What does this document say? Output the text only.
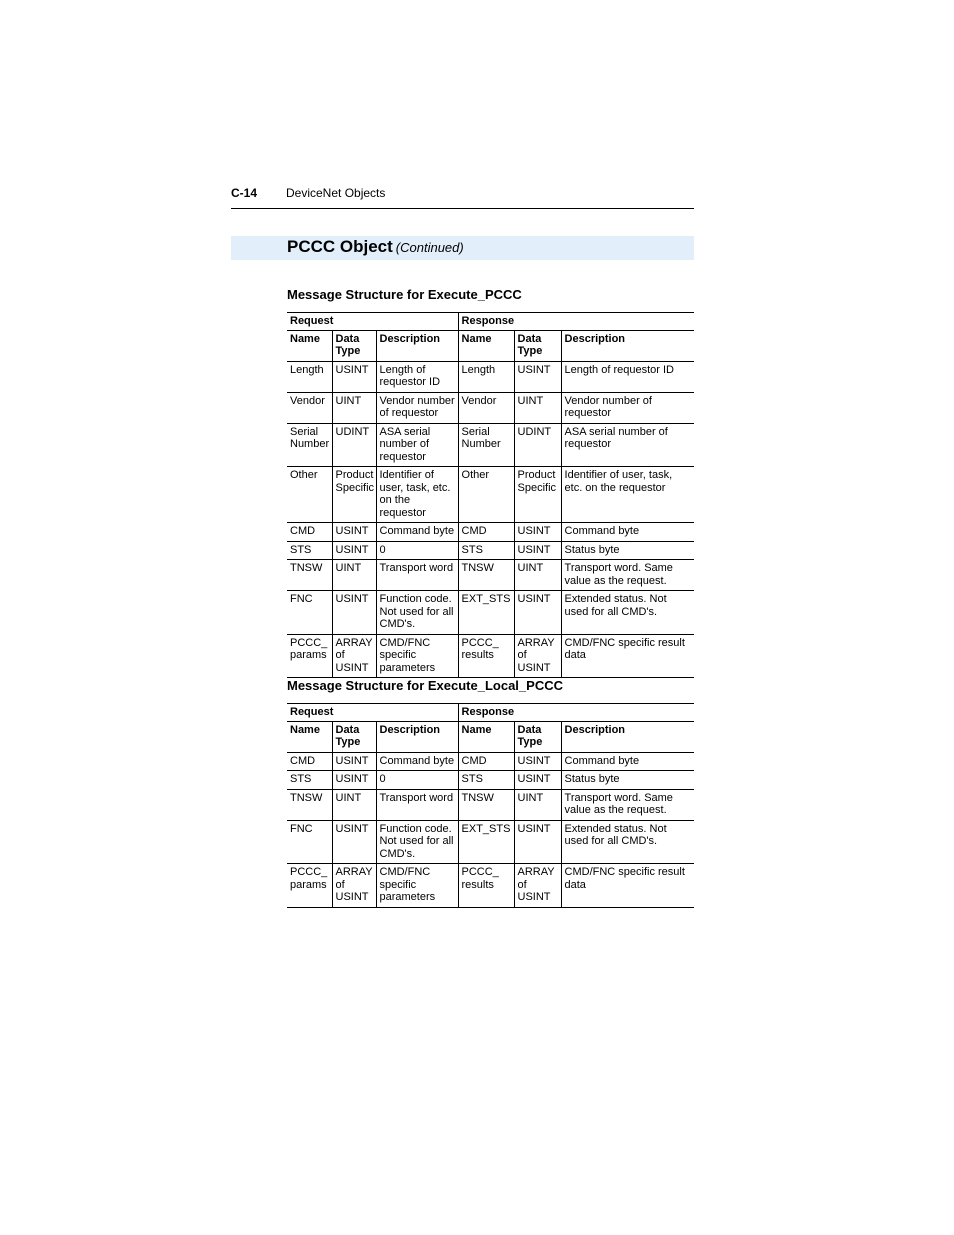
C-14 DeviceNet Objects
PCCC Object (Continued)
Message Structure for Execute_PCCC
Request			Response		
Name	Data Type	Description	Name	Data Type	Description
Length	USINT	Length of requestor ID	Length	USINT	Length of requestor ID
Vendor	UINT	Vendor number of requestor	Vendor	UINT	Vendor number of requestor
Serial Number	UDINT	ASA serial number of requestor	Serial Number	UDINT	ASA serial number of requestor
Other	Product Specific	Identifier of user, task, etc. on the requestor	Other	Product Specific	Identifier of user, task, etc. on the requestor
CMD	USINT	Command byte	CMD	USINT	Command byte
STS	USINT	0	STS	USINT	Status byte
TNSW	UINT	Transport word	TNSW	UINT	Transport word. Same value as the request.
FNC	USINT	Function code. Not used for all CMD's.	EXT_STS	USINT	Extended status. Not used for all CMD's.
PCCC_ params	ARRAY of USINT	CMD/FNC specific parameters	PCCC_ results	ARRAY of USINT	CMD/FNC specific result data
Message Structure for Execute_Local_PCCC
Request			Response		
Name	Data Type	Description	Name	Data Type	Description
CMD	USINT	Command byte	CMD	USINT	Command byte
STS	USINT	0	STS	USINT	Status byte
TNSW	UINT	Transport word	TNSW	UINT	Transport word. Same value as the request.
FNC	USINT	Function code. Not used for all CMD's.	EXT_STS	USINT	Extended status. Not used for all CMD's.
PCCC_ params	ARRAY of USINT	CMD/FNC specific parameters	PCCC_ results	ARRAY of USINT	CMD/FNC specific result data
